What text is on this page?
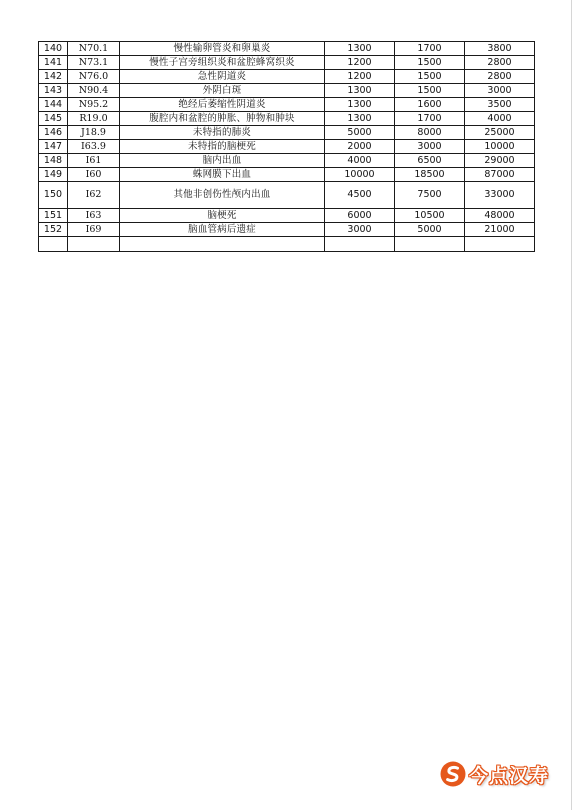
140	N70.1	慢性输卵管炎和卵巢炎	1300	1700	3800
141	N73.1	慢性子宫旁组织炎和盆腔蜂窝织炎	1200	1500	2800
142	N76.0	急性阴道炎	1200	1500	2800
143	N90.4	外阴白斑	1300	1500	3000
144	N95.2	绝经后萎缩性阴道炎	1300	1600	3500
145	R19.0	腹腔内和盆腔的肿胀、肿物和肿块	1300	1700	4000
146	J18.9	未特指的肺炎	5000	8000	25000
147	I63.9	未特指的脑梗死	2000	3000	10000
148	I61	脑内出血	4000	6500	29000
149	I60	蛛网膜下出血	10000	18500	87000
150	I62	其他非创伤性颅内出血	4500	7500	33000
151	I63	脑梗死	6000	10500	48000
152	I69	脑血管病后遗症	3000	5000	21000

今点汉寿
